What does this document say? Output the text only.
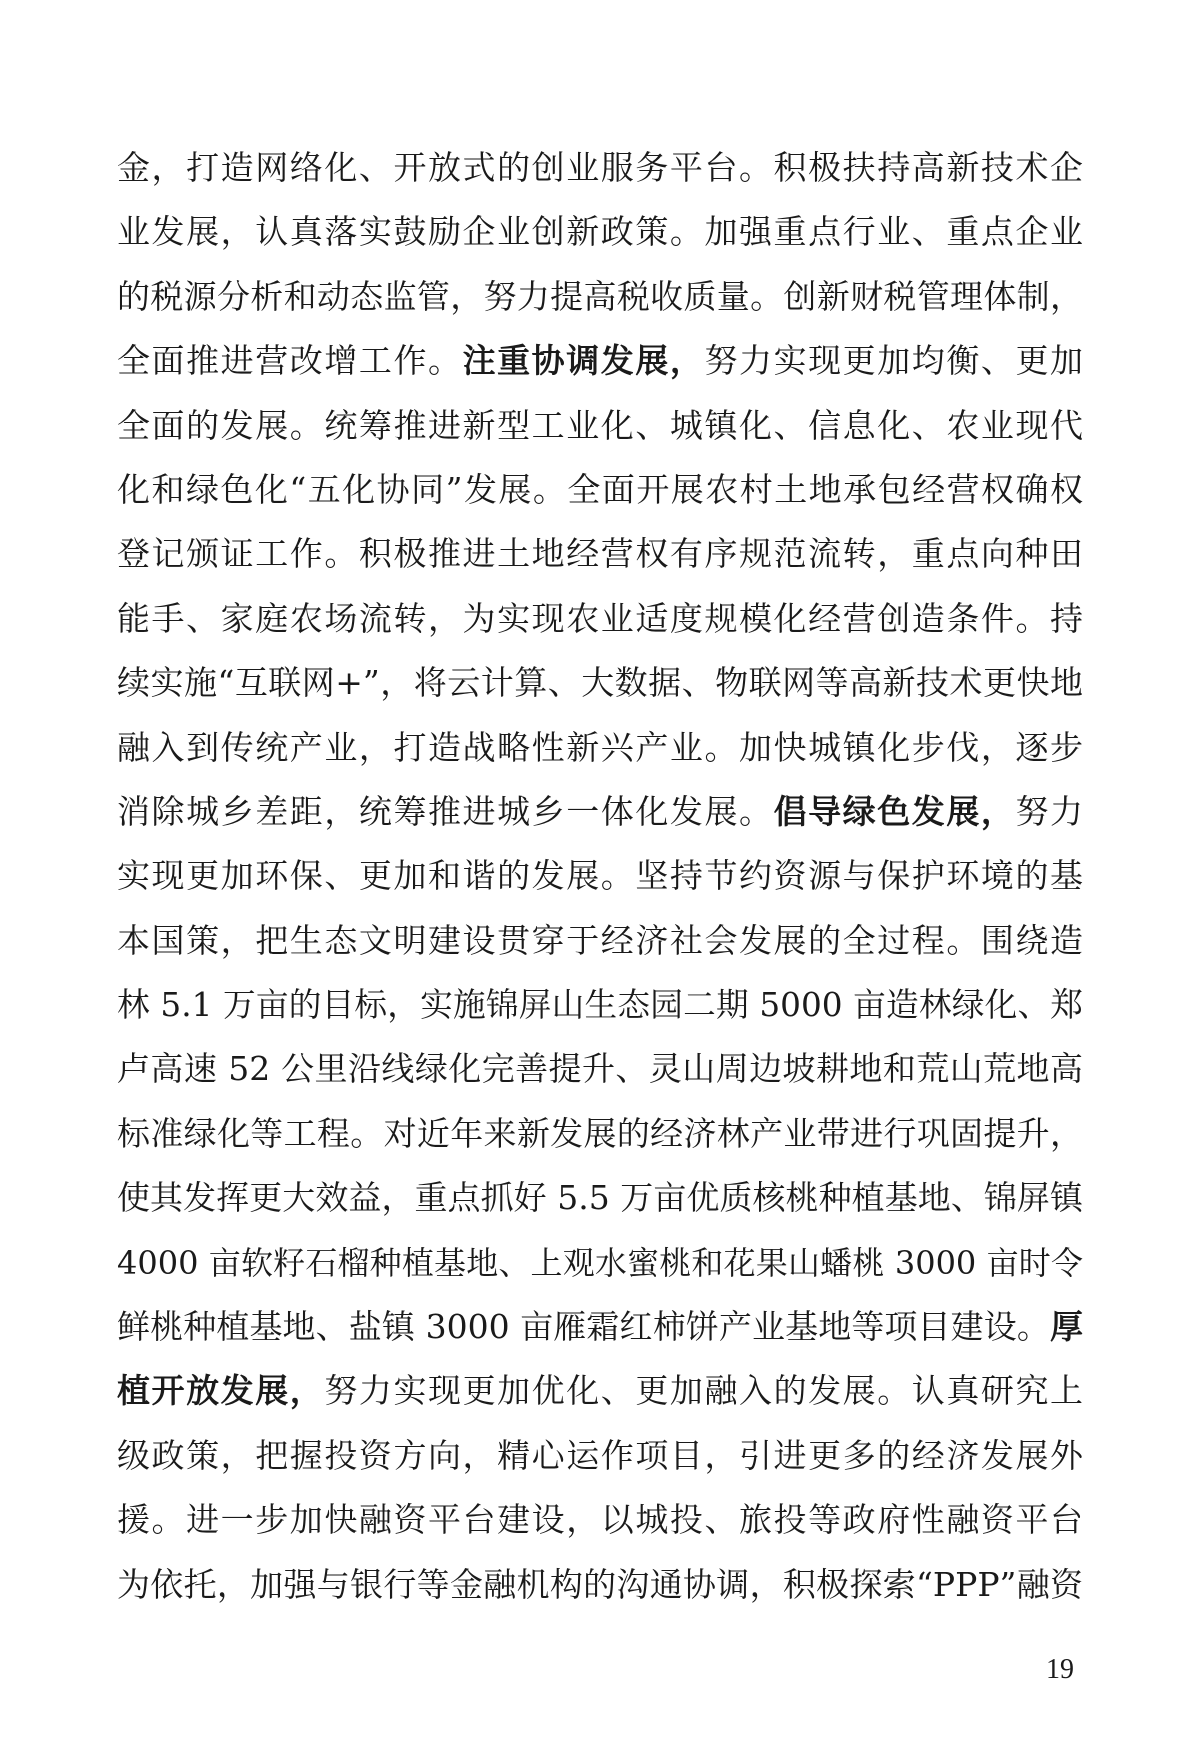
金，打造网络化、开放式的创业服务平台。积极扶持高新技术企
业发展，认真落实鼓励企业创新政策。加强重点行业、重点企业
的税源分析和动态监管，努力提高税收质量。创新财税管理体制，
全面推进营改增工作。注重协调发展，努力实现更加均衡、更加
全面的发展。统筹推进新型工业化、城镇化、信息化、农业现代
化和绿色化“五化协同”发展。全面开展农村土地承包经营权确权
登记颁证工作。积极推进土地经营权有序规范流转，重点向种田
能手、家庭农场流转，为实现农业适度规模化经营创造条件。持
续实施“互联网+”，将云计算、大数据、物联网等高新技术更快地
融入到传统产业，打造战略性新兴产业。加快城镇化步伐，逐步
消除城乡差距，统筹推进城乡一体化发展。倡导绿色发展，努力
实现更加环保、更加和谐的发展。坚持节约资源与保护环境的基
本国策，把生态文明建设贯穿于经济社会发展的全过程。围绕造
林 5.1 万亩的目标，实施锦屏山生态园二期 5000 亩造林绿化、郑
卢高速 52 公里沿线绿化完善提升、灵山周边坡耕地和荒山荒地高
标准绿化等工程。对近年来新发展的经济林产业带进行巩固提升，
使其发挥更大效益，重点抓好 5.5 万亩优质核桃种植基地、锦屏镇
4000 亩软籽石榴种植基地、上观水蜜桃和花果山蟠桃 3000 亩时令
鲜桃种植基地、盐镇 3000 亩雁霜红柿饼产业基地等项目建设。厚
植开放发展，努力实现更加优化、更加融入的发展。认真研究上
级政策，把握投资方向，精心运作项目，引进更多的经济发展外
援。进一步加快融资平台建设，以城投、旅投等政府性融资平台
为依托，加强与银行等金融机构的沟通协调，积极探索“PPP”融资
19
